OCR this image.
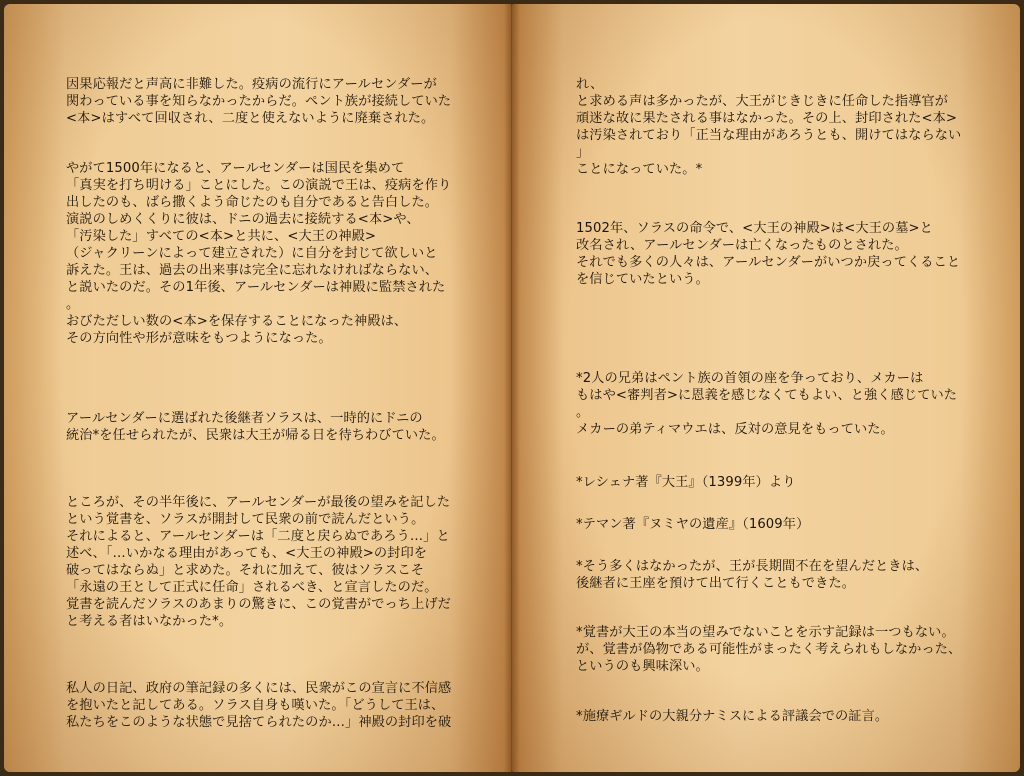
因果応報だと声高に非難した。疫病の流行にアールセンダーが
関わっている事を知らなかったからだ。ペント族が接続していた
<本>はすべて回収され、二度と使えないように廃棄された。

やがて1500年になると、アールセンダーは国民を集めて
「真実を打ち明ける」ことにした。この演説で王は、疫病を作り
出したのも、ばら撒くよう命じたのも自分であると告白した。
演説のしめくくりに彼は、ドニの過去に接続する<本>や、
「汚染した」すべての<本>と共に、<大王の神殿>
（ジャクリーンによって建立された）に自分を封じて欲しいと
訴えた。王は、過去の出来事は完全に忘れなければならない、
と説いたのだ。その1年後、アールセンダーは神殿に監禁された
。
おびただしい数の<本>を保存することになった神殿は、
その方向性や形が意味をもつようになった。

アールセンダーに選ばれた後継者ソラスは、一時的にドニの
統治*を任せられたが、民衆は大王が帰る日を待ちわびていた。

ところが、その半年後に、アールセンダーが最後の望みを記した
という覚書を、ソラスが開封して民衆の前で読んだという。
それによると、アールセンダーは「二度と戻らぬであろう…」と
述べ、「…いかなる理由があっても、<大王の神殿>の封印を
破ってはならぬ」と求めた。それに加えて、彼はソラスこそ
「永遠の王として正式に任命」されるべき、と宣言したのだ。
覚書を読んだソラスのあまりの驚きに、この覚書がでっち上げだ
と考える者はいなかった*。

私人の日記、政府の筆記録の多くには、民衆がこの宣言に不信感
を抱いたと記してある。ソラス自身も嘆いた。「どうして王は、
私たちをこのような状態で見捨てられたのか…」神殿の封印を破

れ、
と求める声は多かったが、大王がじきじきに任命した指導官が
頑迷な故に果たされる事はなかった。その上、封印された<本>
は汚染されており「正当な理由があろうとも、開けてはならない
」
ことになっていた。*

1502年、ソラスの命令で、<大王の神殿>は<大王の墓>と
改名され、アールセンダーは亡くなったものとされた。
それでも多くの人々は、アールセンダーがいつか戻ってくること
を信じていたという。

*2人の兄弟はペント族の首領の座を争っており、メカーは
もはや<審判者>に恩義を感じなくてもよい、と強く感じていた
。
メカーの弟ティマウエは、反対の意見をもっていた。

*レシェナ著『大王』（1399年）より

*テマン著『ヌミヤの遺産』（1609年）

*そう多くはなかったが、王が長期間不在を望んだときは、
後継者に王座を預けて出て行くこともできた。

*覚書が大王の本当の望みでないことを示す記録は一つもない。
が、覚書が偽物である可能性がまったく考えられもしなかった、
というのも興味深い。

*施療ギルドの大親分ナミスによる評議会での証言。
